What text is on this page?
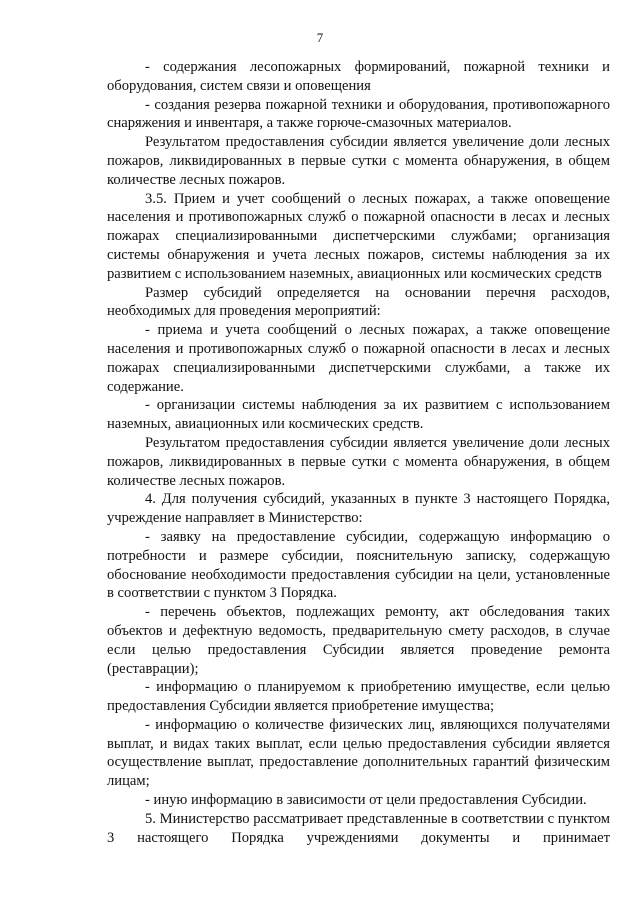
7

- содержания лесопожарных формирований, пожарной техники и оборудования, систем связи и оповещения

- создания резерва пожарной техники и оборудования, противопожарного снаряжения и инвентаря, а также горюче-смазочных материалов.

Результатом предоставления субсидии является увеличение доли лесных пожаров, ликвидированных в первые сутки с момента обнаружения, в общем количестве лесных пожаров.

3.5. Прием и учет сообщений о лесных пожарах, а также оповещение населения и противопожарных служб о пожарной опасности в лесах и лесных пожарах специализированными диспетчерскими службами; организация системы обнаружения и учета лесных пожаров, системы наблюдения за их развитием с использованием наземных, авиационных или космических средств

Размер субсидий определяется на основании перечня расходов, необходимых для проведения мероприятий:

- приема и учета сообщений о лесных пожарах, а также оповещение населения и противопожарных служб о пожарной опасности в лесах и лесных пожарах специализированными диспетчерскими службами, а также их содержание.

- организации системы наблюдения за их развитием с использованием наземных, авиационных или космических средств.

Результатом предоставления субсидии является увеличение доли лесных пожаров, ликвидированных в первые сутки с момента обнаружения, в общем количестве лесных пожаров.

4. Для получения субсидий, указанных в пункте 3 настоящего Порядка, учреждение направляет в Министерство:

- заявку на предоставление субсидии, содержащую информацию о потребности и размере субсидии, пояснительную записку, содержащую обоснование необходимости предоставления субсидии на цели, установленные в соответствии с пунктом 3 Порядка.

- перечень объектов, подлежащих ремонту, акт обследования таких объектов и дефектную ведомость, предварительную смету расходов, в случае если целью предоставления Субсидии является проведение ремонта (реставрации);

- информацию о планируемом к приобретению имуществе, если целью предоставления Субсидии является приобретение имущества;

- информацию о количестве физических лиц, являющихся получателями выплат, и видах таких выплат, если целью предоставления субсидии является осуществление выплат, предоставление дополнительных гарантий физическим лицам;

- иную информацию в зависимости от цели предоставления Субсидии.

5. Министерство рассматривает представленные в соответствии с пунктом 3 настоящего Порядка учреждениями документы и принимает
